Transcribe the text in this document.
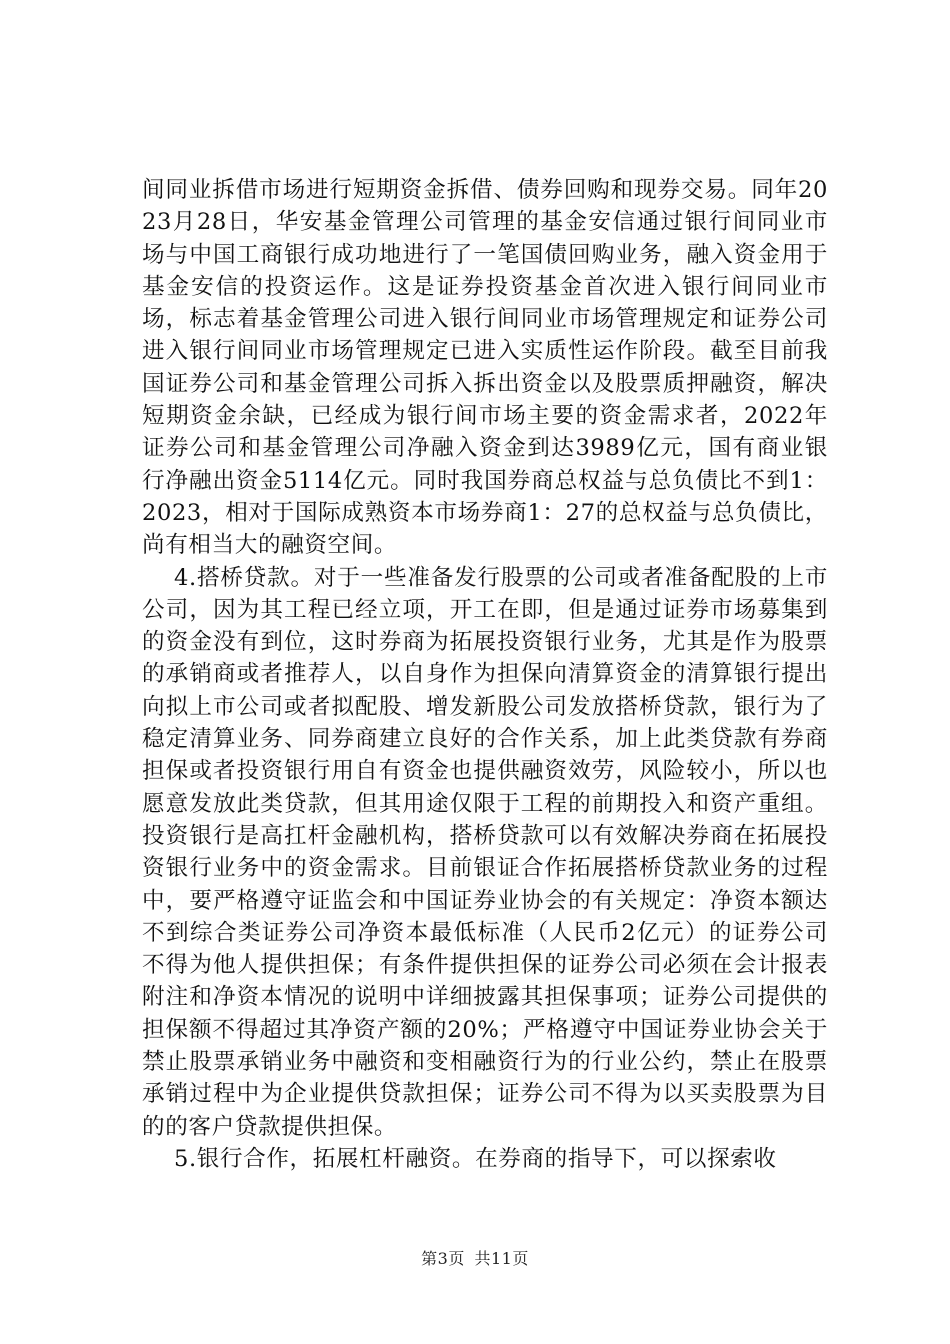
间同业拆借市场进行短期资金拆借、债券回购和现券交易。同年2023月28日，华安基金管理公司管理的基金安信通过银行间同业市场与中国工商银行成功地进行了一笔国债回购业务，融入资金用于基金安信的投资运作。这是证券投资基金首次进入银行间同业市场，标志着基金管理公司进入银行间同业市场管理规定和证券公司进入银行间同业市场管理规定已进入实质性运作阶段。截至目前我国证券公司和基金管理公司拆入拆出资金以及股票质押融资，解决短期资金余缺，已经成为银行间市场主要的资金需求者，2022年证券公司和基金管理公司净融入资金到达3989亿元，国有商业银行净融出资金5114亿元。同时我国券商总权益与总负债比不到1：2023，相对于国际成熟资本市场券商1：27的总权益与总负债比，尚有相当大的融资空间。

4.搭桥贷款。对于一些准备发行股票的公司或者准备配股的上市公司，因为其工程已经立项，开工在即，但是通过证券市场募集到的资金没有到位，这时券商为拓展投资银行业务，尤其是作为股票的承销商或者推荐人，以自身作为担保向清算资金的清算银行提出向拟上市公司或者拟配股、增发新股公司发放搭桥贷款，银行为了稳定清算业务、同券商建立良好的合作关系，加上此类贷款有券商担保或者投资银行用自有资金也提供融资效劳，风险较小，所以也愿意发放此类贷款，但其用途仅限于工程的前期投入和资产重组。投资银行是高扛杆金融机构，搭桥贷款可以有效解决券商在拓展投资银行业务中的资金需求。目前银证合作拓展搭桥贷款业务的过程中，要严格遵守证监会和中国证券业协会的有关规定：净资本额达不到综合类证券公司净资本最低标准（人民币2亿元）的证券公司不得为他人提供担保；有条件提供担保的证券公司必须在会计报表附注和净资本情况的说明中详细披露其担保事项；证券公司提供的担保额不得超过其净资产额的20%；严格遵守中国证券业协会关于禁止股票承销业务中融资和变相融资行为的行业公约，禁止在股票承销过程中为企业提供贷款担保；证券公司不得为以买卖股票为目的的客户贷款提供担保。

5.银行合作，拓展杠杆融资。在券商的指导下，可以探索收

第3页 共11页
